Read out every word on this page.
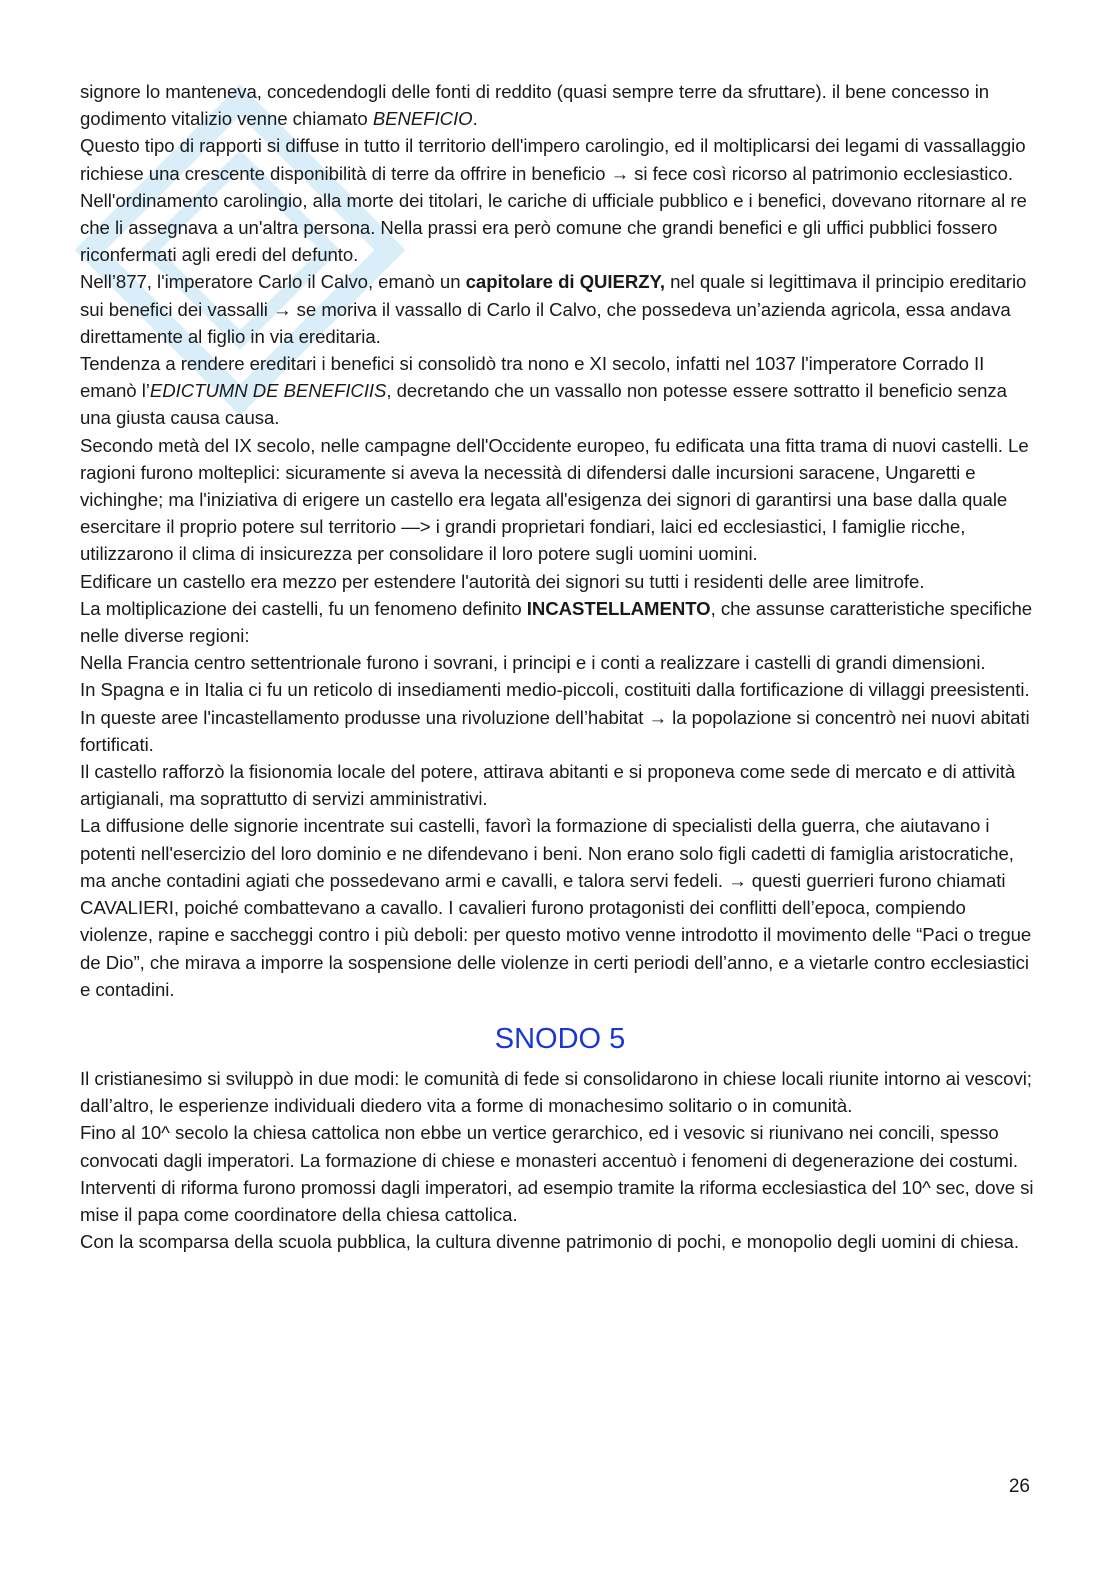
signore lo manteneva, concedendogli delle fonti di reddito (quasi sempre terre da sfruttare). il bene concesso in godimento vitalizio venne chiamato BENEFICIO.

Questo tipo di rapporti si diffuse in tutto il territorio dell'impero carolingio, ed il moltiplicarsi dei legami di vassallaggio richiese una crescente disponibilità di terre da offrire in beneficio → si fece così ricorso al patrimonio ecclesiastico.

Nell'ordinamento carolingio, alla morte dei titolari, le cariche di ufficiale pubblico e i benefici, dovevano ritornare al re che li assegnava a un'altra persona. Nella prassi era però comune che grandi benefici e gli uffici pubblici fossero riconfermati agli eredi del defunto.

Nell’877, l'imperatore Carlo il Calvo, emanò un capitolare di QUIERZY, nel quale si legittimava il principio ereditario sui benefici dei vassalli → se moriva il vassallo di Carlo il Calvo, che possedeva un’azienda agricola, essa andava direttamente al figlio in via ereditaria.

Tendenza a rendere ereditari i benefici si consolidò tra nono e XI secolo, infatti nel 1037 l'imperatore Corrado II emanò l’EDICTUMN DE BENEFICIIS, decretando che un vassallo non potesse essere sottratto il beneficio senza una giusta causa causa.

Secondo metà del IX secolo, nelle campagne dell'Occidente europeo, fu edificata una fitta trama di nuovi castelli. Le ragioni furono molteplici: sicuramente si aveva la necessità di difendersi dalle incursioni saracene, Ungaretti e vichinghe; ma l'iniziativa di erigere un castello era legata all'esigenza dei signori di garantirsi una base dalla quale esercitare il proprio potere sul territorio —> i grandi proprietari fondiari, laici ed ecclesiastici, I famiglie ricche, utilizzarono il clima di insicurezza per consolidare il loro potere sugli uomini uomini.

Edificare un castello era mezzo per estendere l'autorità dei signori su tutti i residenti delle aree limitrofe.

La moltiplicazione dei castelli, fu un fenomeno definito INCASTELLAMENTO, che assunse caratteristiche specifiche nelle diverse regioni:

Nella Francia centro settentrionale furono i sovrani, i principi e i conti a realizzare i castelli di grandi dimensioni.

In Spagna e in Italia ci fu un reticolo di insediamenti medio-piccoli, costituiti dalla fortificazione di villaggi preesistenti.

In queste aree l'incastellamento produsse una rivoluzione dell’habitat → la popolazione si concentrò nei nuovi abitati fortificati.

Il castello rafforzò la fisionomia locale del potere, attirava abitanti e si proponeva come sede di mercato e di attività artigianali, ma soprattutto di servizi amministrativi.

La diffusione delle signorie incentrate sui castelli, favorì la formazione di specialisti della guerra, che aiutavano i potenti nell'esercizio del loro dominio e ne difendevano i beni. Non erano solo figli cadetti di famiglia aristocratiche, ma anche contadini agiati che possedevano armi e cavalli, e talora servi fedeli. → questi guerrieri furono chiamati CAVALIERI, poiché combattevano a cavallo. I cavalieri furono protagonisti dei conflitti dell’epoca, compiendo violenze, rapine e saccheggi contro i più deboli: per questo motivo venne introdotto il movimento delle “Paci o tregue de Dio”, che mirava a imporre la sospensione delle violenze in certi periodi dell’anno, e a vietarle contro ecclesiastici e contadini.

SNODO 5

Il cristianesimo si sviluppò in due modi: le comunità di fede si consolidarono in chiese locali riunite intorno ai vescovi; dall’altro, le esperienze individuali diedero vita a forme di monachesimo solitario o in comunità.

Fino al 10^ secolo la chiesa cattolica non ebbe un vertice gerarchico, ed i vesovic si riunivano nei concili, spesso convocati dagli imperatori. La formazione di chiese e monasteri accentuò i fenomeni di degenerazione dei costumi.

Interventi di riforma furono promossi dagli imperatori, ad esempio tramite la riforma ecclesiastica del 10^ sec, dove si mise il papa come coordinatore della chiesa cattolica.

Con la scomparsa della scuola pubblica, la cultura divenne patrimonio di pochi, e monopolio degli uomini di chiesa.

26
